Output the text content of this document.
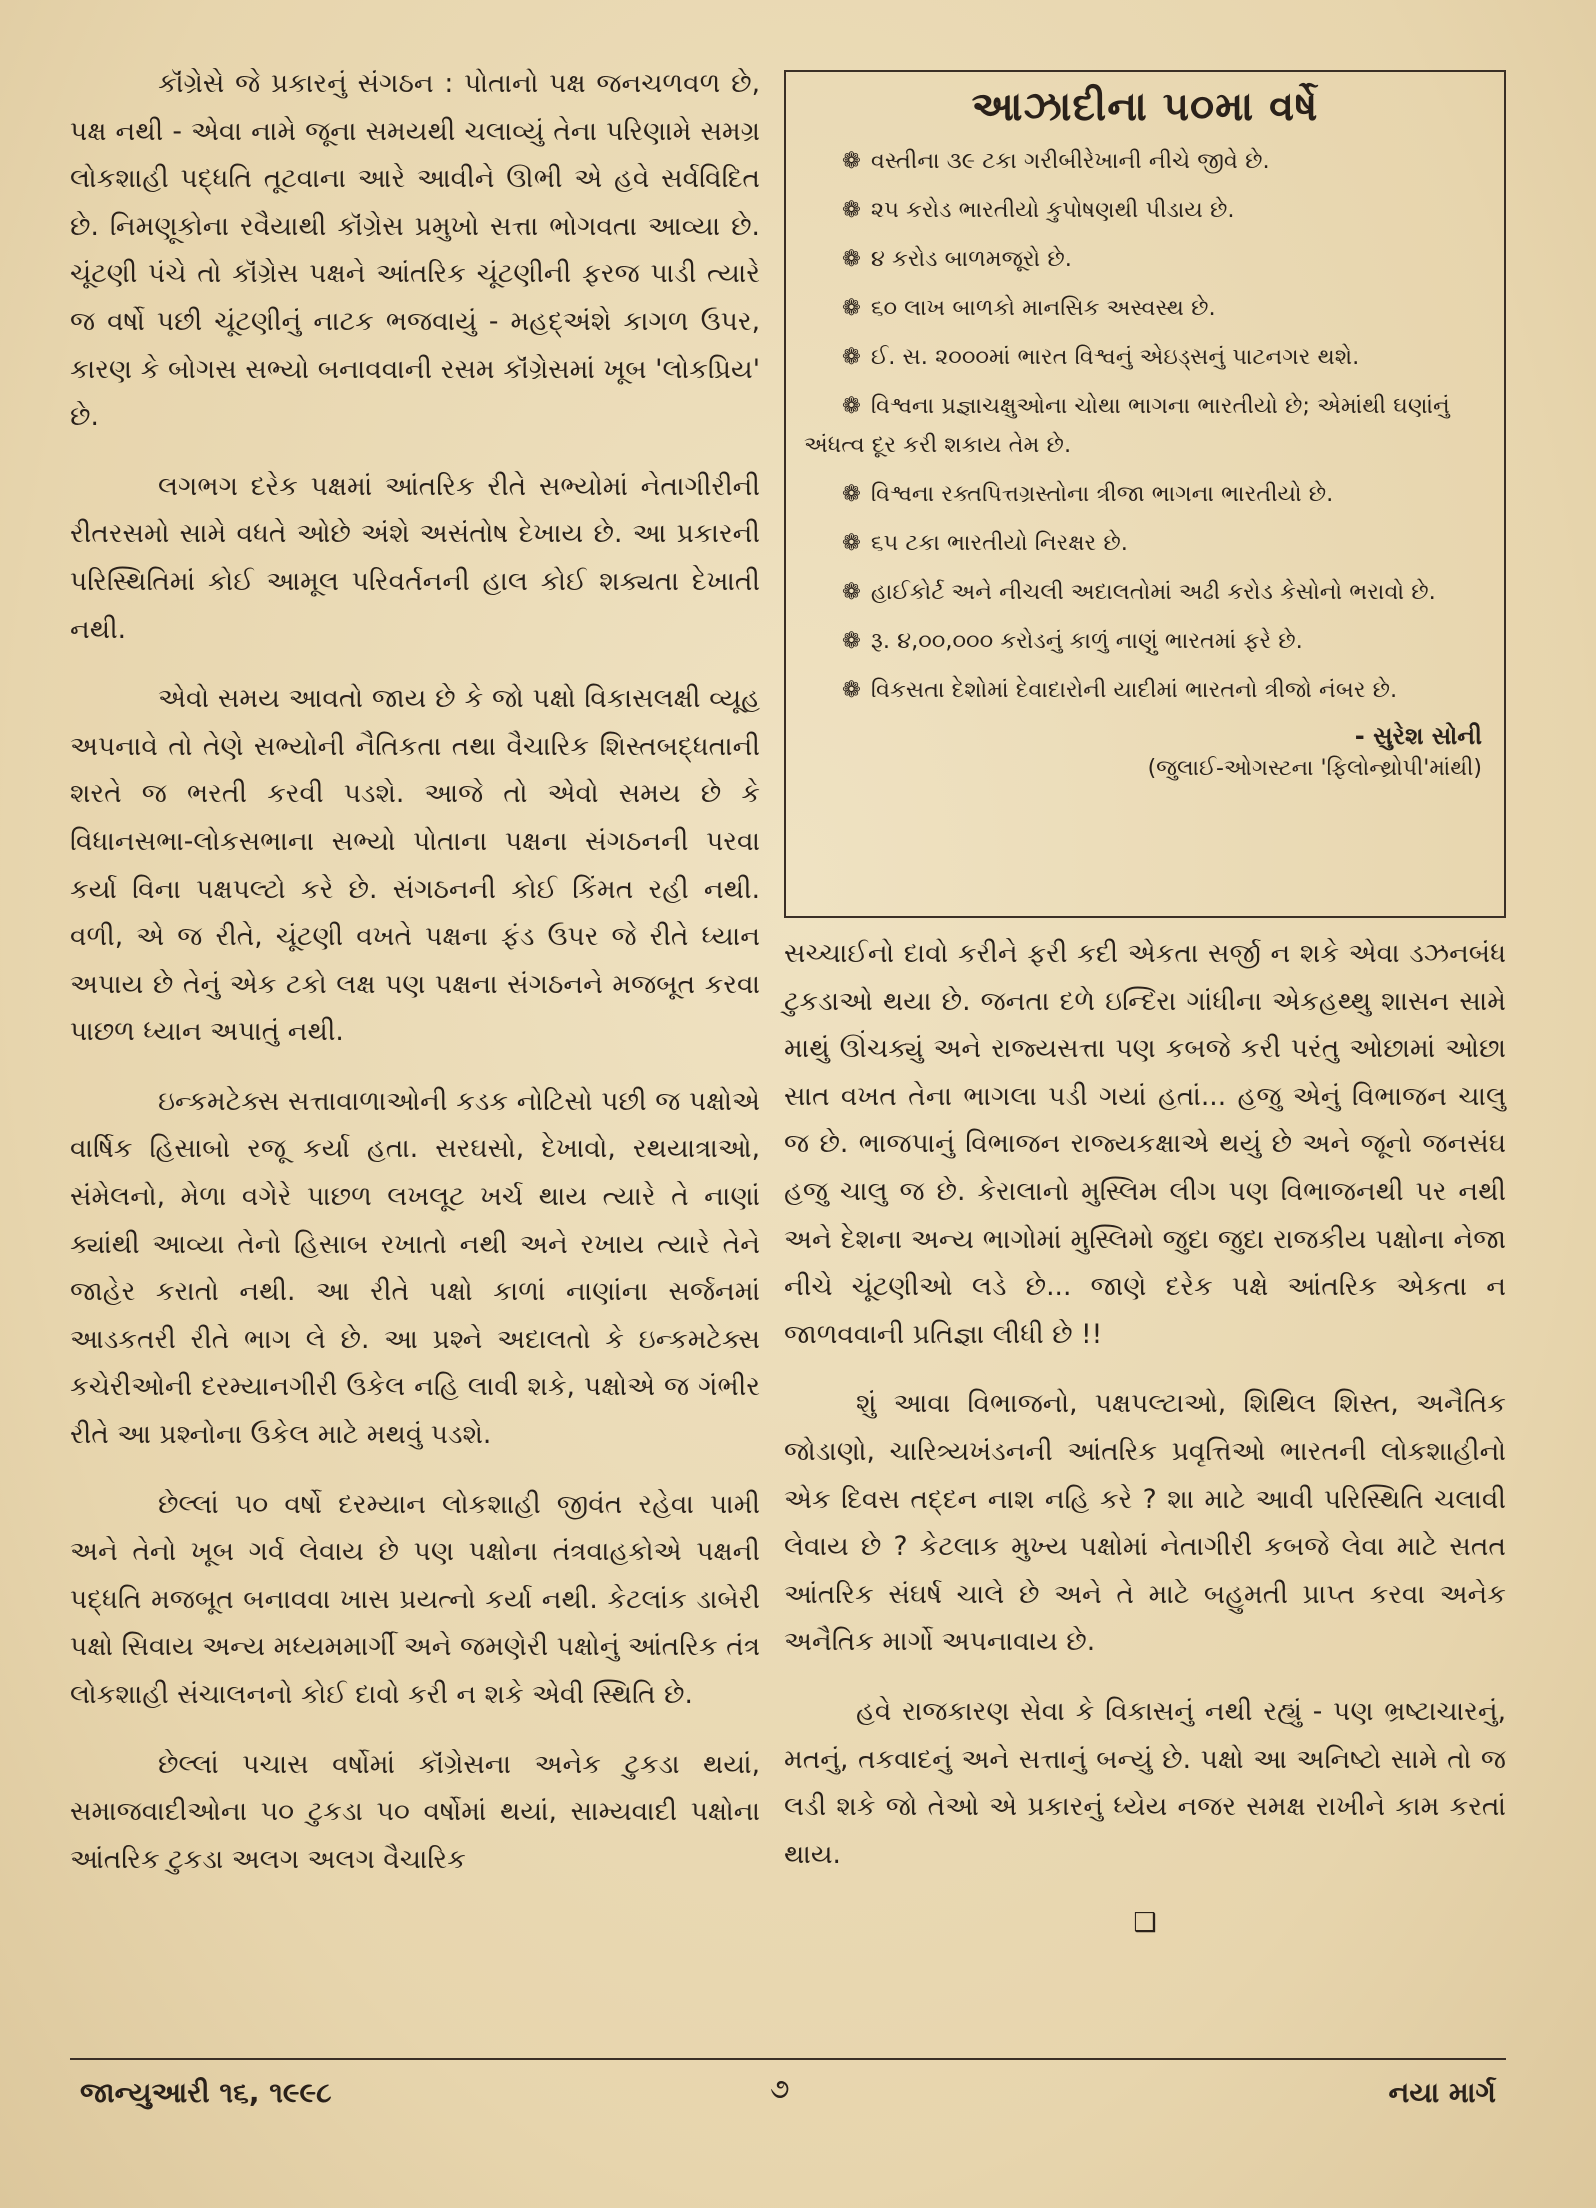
કૉંગ્રેસે જે પ્રકારનું સંગઠન : પોતાનો પક્ષ જનચળવળ છે, પક્ષ નથી - એવા નામે જૂના સમયથી ચલાવ્યું તેના પરિણામે સમગ્ર લોકશાહી પદ્ધતિ તૂટવાના આરે આવીને ઊભી એ હવે સર્વવિદિત છે. નિમણૂકોના રવૈયાથી કૉંગ્રેસ પ્રમુખો સત્તા ભોગવતા આવ્યા છે. ચૂંટણી પંચે તો કૉંગ્રેસ પક્ષને આંતરિક ચૂંટણીની ફરજ પાડી ત્યારે જ વર્ષો પછી ચૂંટણીનું નાટક ભજવાયું - મહદ્અંશે કાગળ ઉપર, કારણ કે બોગસ સભ્યો બનાવવાની રસમ કૉંગ્રેસમાં ખૂબ 'લોકપ્રિય' છે.

લગભગ દરેક પક્ષમાં આંતરિક રીતે સભ્યોમાં નેતાગીરીની રીતરસમો સામે વધતે ઓછે અંશે અસંતોષ દેખાય છે. આ પ્રકારની પરિસ્થિતિમાં કોઈ આમૂલ પરિવર્તનની હાલ કોઈ શક્યતા દેખાતી નથી.

એવો સમય આવતો જાય છે કે જો પક્ષો વિકાસલક્ષી વ્યૂહ અપનાવે તો તેણે સભ્યોની નૈતિકતા તથા વૈચારિક શિસ્તબદ્ધતાની શરતે જ ભરતી કરવી પડશે. આજે તો એવો સમય છે કે વિધાનસભા-લોકસભાના સભ્યો પોતાના પક્ષના સંગઠનની પરવા કર્યા વિના પક્ષપલ્ટો કરે છે. સંગઠનની કોઈ કિંમત રહી નથી. વળી, એ જ રીતે, ચૂંટણી વખતે પક્ષના ફંડ ઉપર જે રીતે ધ્યાન અપાય છે તેનું એક ટકો લક્ષ પણ પક્ષના સંગઠનને મજબૂત કરવા પાછળ ધ્યાન અપાતું નથી.

ઇન્કમટેક્સ સત્તાવાળાઓની કડક નોટિસો પછી જ પક્ષોએ વાર્ષિક હિસાબો રજૂ કર્યા હતા. સરઘસો, દેખાવો, રથયાત્રાઓ, સંમેલનો, મેળા વગેરે પાછળ લખલૂટ ખર્ચ થાય ત્યારે તે નાણાં ક્યાંથી આવ્યા તેનો હિસાબ રખાતો નથી અને રખાય ત્યારે તેને જાહેર કરાતો નથી. આ રીતે પક્ષો કાળાં નાણાંના સર્જનમાં આડકતરી રીતે ભાગ લે છે. આ પ્રશ્ને અદાલતો કે ઇન્કમટેક્સ કચેરીઓની દરમ્યાનગીરી ઉકેલ નહિ લાવી શકે, પક્ષોએ જ ગંભીર રીતે આ પ્રશ્નોના ઉકેલ માટે મથવું પડશે.

છેલ્લાં ૫૦ વર્ષો દરમ્યાન લોકશાહી જીવંત રહેવા પામી અને તેનો ખૂબ ગર્વ લેવાય છે પણ પક્ષોના તંત્રવાહકોએ પક્ષની પદ્ધતિ મજબૂત બનાવવા ખાસ પ્રયત્નો કર્યા નથી. કેટલાંક ડાબેરી પક્ષો સિવાય અન્ય મધ્યમમાર્ગી અને જમણેરી પક્ષોનું આંતરિક તંત્ર લોકશાહી સંચાલનનો કોઈ દાવો કરી ન શકે એવી સ્થિતિ છે.

છેલ્લાં પચાસ વર્ષોમાં કૉંગ્રેસના અનેક ટુકડા થયાં, સમાજવાદીઓના ૫૦ ટુકડા ૫૦ વર્ષોમાં થયાં, સામ્યવાદી પક્ષોના આંતરિક ટુકડા અલગ અલગ વૈચારિક

આઝાદીના ૫૦મા વર્ષે
❁ વસ્તીના ૩૯ ટકા ગરીબીરેખાની નીચે જીવે છે.
❁ ૨૫ કરોડ ભારતીયો કુપોષણથી પીડાય છે.
❁ ૪ કરોડ બાળમજૂરો છે.
❁ ૬૦ લાખ બાળકો માનસિક અસ્વસ્થ છે.
❁ ઈ. સ. ૨૦૦૦માં ભારત વિશ્વનું એઇડ્સનું પાટનગર થશે.
❁ વિશ્વના પ્રજ્ઞાચક્ષુઓના ચોથા ભાગના ભારતીયો છે; એમાંથી ઘણાંનું અંધત્વ દૂર કરી શકાય તેમ છે.
❁ વિશ્વના રક્તપિત્તગ્રસ્તોના ત્રીજા ભાગના ભારતીયો છે.
❁ ૬૫ ટકા ભારતીયો નિરક્ષર છે.
❁ હાઈકોર્ટ અને નીચલી અદાલતોમાં અઢી કરોડ કેસોનો ભરાવો છે.
❁ રૂ. ૪,૦૦,૦૦૦ કરોડનું કાળું નાણું ભારતમાં ફરે છે.
❁ વિકસતા દેશોમાં દેવાદારોની યાદીમાં ભારતનો ત્રીજો નંબર છે.
- સુરેશ સોની
(જુલાઈ-ઓગસ્ટના 'ફિલોન્થ્રોપી'માંથી)

સચ્ચાઈનો દાવો કરીને ફરી કદી એકતા સર્જી ન શકે એવા ડઝનબંધ ટુકડાઓ થયા છે. જનતા દળે ઇન્દિરા ગાંધીના એકહથ્થુ શાસન સામે માથું ઊંચક્યું અને રાજ્યસત્તા પણ કબજે કરી પરંતુ ઓછામાં ઓછા સાત વખત તેના ભાગલા પડી ગયાં હતાં... હજુ એનું વિભાજન ચાલુ જ છે. ભાજપાનું વિભાજન રાજ્યકક્ષાએ થયું છે અને જૂનો જનસંઘ હજુ ચાલુ જ છે. કેરાલાનો મુસ્લિમ લીગ પણ વિભાજનથી પર નથી અને દેશના અન્ય ભાગોમાં મુસ્લિમો જુદા જુદા રાજકીય પક્ષોના નેજા નીચે ચૂંટણીઓ લડે છે... જાણે દરેક પક્ષે આંતરિક એકતા ન જાળવવાની પ્રતિજ્ઞા લીધી છે !!

શું આવા વિભાજનો, પક્ષપલ્ટાઓ, શિથિલ શિસ્ત, અનૈતિક જોડાણો, ચારિત્ર્યખંડનની આંતરિક પ્રવૃત્તિઓ ભારતની લોકશાહીનો એક દિવસ તદ્દન નાશ નહિ કરે ? શા માટે આવી પરિસ્થિતિ ચલાવી લેવાય છે ? કેટલાક મુખ્ય પક્ષોમાં નેતાગીરી કબજે લેવા માટે સતત આંતરિક સંઘર્ષ ચાલે છે અને તે માટે બહુમતી પ્રાપ્ત કરવા અનેક અનૈતિક માર્ગો અપનાવાય છે.

હવે રાજકારણ સેવા કે વિકાસનું નથી રહ્યું - પણ ભ્રષ્ટાચારનું, મતનું, તકવાદનું અને સત્તાનું બન્યું છે. પક્ષો આ અનિષ્ટો સામે તો જ લડી શકે જો તેઓ એ પ્રકારનું ધ્યેય નજર સમક્ષ રાખીને કામ કરતાં થાય.

❑
જાન્યુઆરી ૧૬, ૧૯૯૮	૭	નયા માર્ગ
